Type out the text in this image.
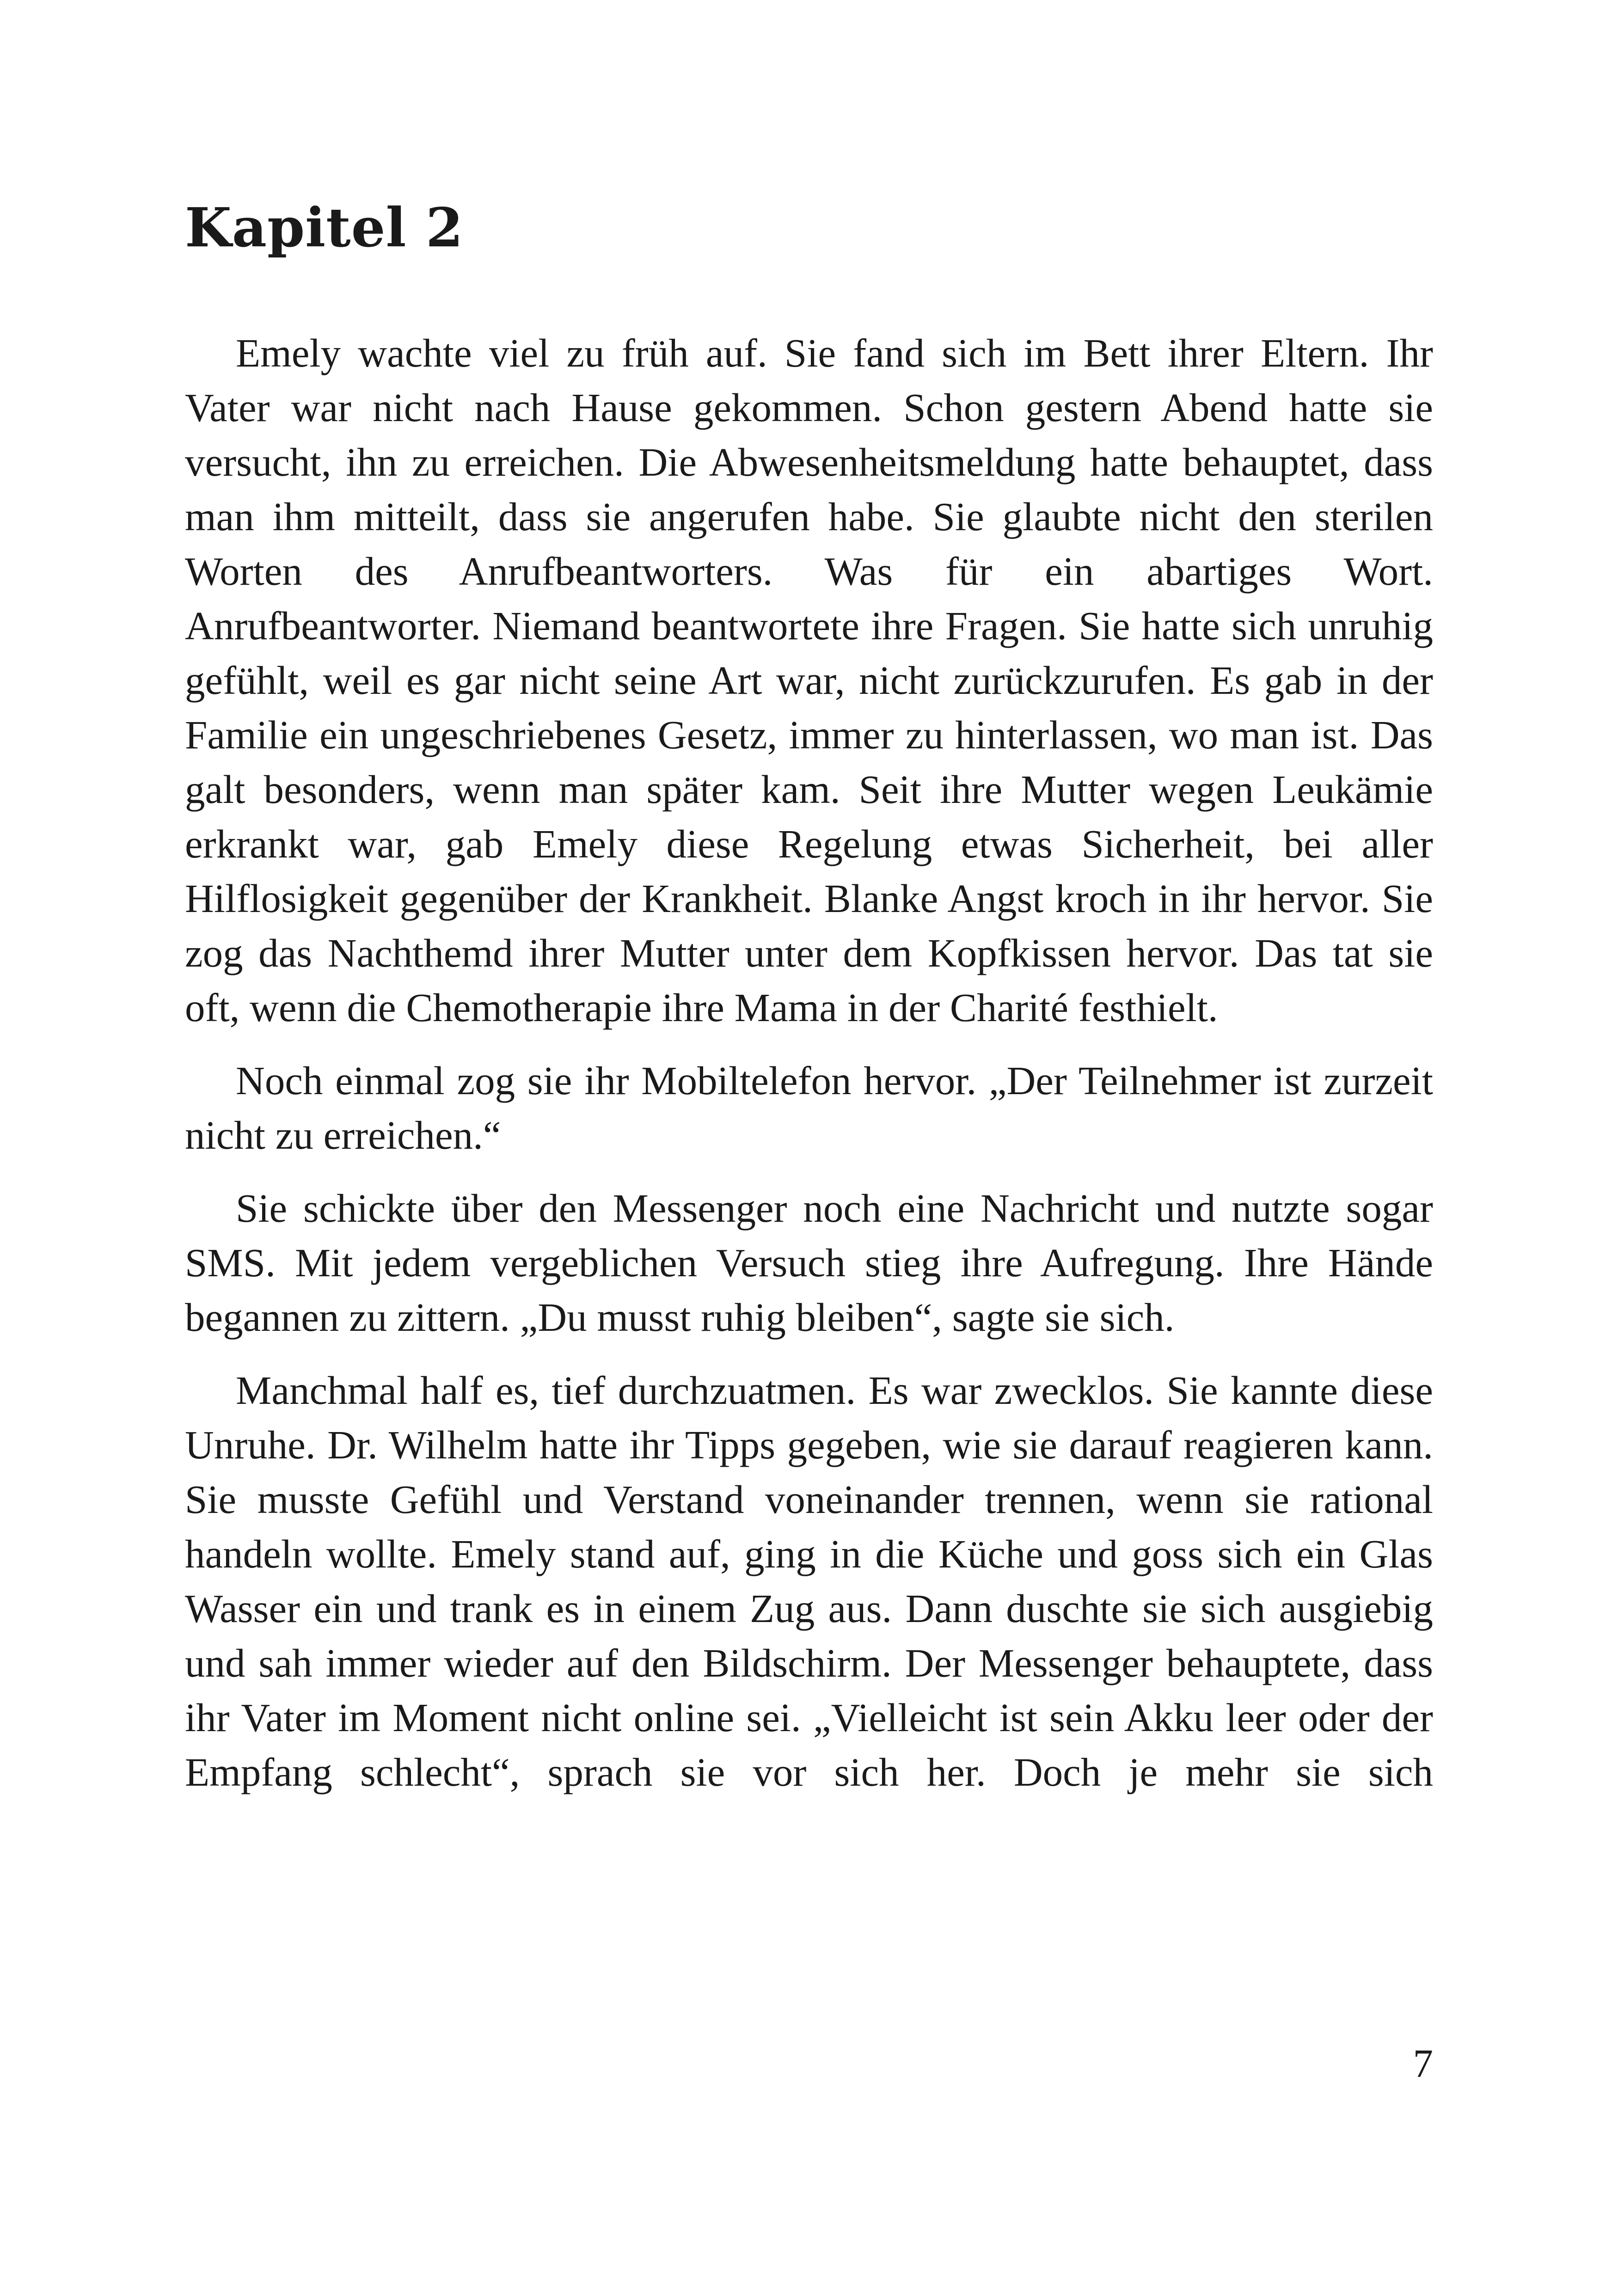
Kapitel 2

Emely wachte viel zu früh auf. Sie fand sich im Bett ihrer Eltern. Ihr Vater war nicht nach Hause gekommen. Schon gestern Abend hatte sie versucht, ihn zu erreichen. Die Abwesenheitsmeldung hatte behauptet, dass man ihm mitteilt, dass sie angerufen habe. Sie glaubte nicht den sterilen Worten des Anrufbeantworters. Was für ein abartiges Wort. Anrufbeantworter. Niemand beantwortete ihre Fragen. Sie hatte sich unruhig gefühlt, weil es gar nicht seine Art war, nicht zurückzurufen. Es gab in der Familie ein ungeschriebenes Gesetz, immer zu hinterlassen, wo man ist. Das galt besonders, wenn man später kam. Seit ihre Mutter wegen Leukämie erkrankt war, gab Emely diese Regelung etwas Sicherheit, bei aller Hilflosigkeit gegenüber der Krankheit. Blanke Angst kroch in ihr hervor. Sie zog das Nachthemd ihrer Mutter unter dem Kopfkissen hervor. Das tat sie oft, wenn die Chemotherapie ihre Mama in der Charité festhielt.

Noch einmal zog sie ihr Mobiltelefon hervor. „Der Teilnehmer ist zurzeit nicht zu erreichen.“

Sie schickte über den Messenger noch eine Nachricht und nutzte sogar SMS. Mit jedem vergeblichen Versuch stieg ihre Aufregung. Ihre Hände begannen zu zittern. „Du musst ruhig bleiben“, sagte sie sich.

Manchmal half es, tief durchzuatmen. Es war zwecklos. Sie kannte diese Unruhe. Dr. Wilhelm hatte ihr Tipps gegeben, wie sie darauf reagieren kann. Sie musste Gefühl und Verstand voneinander trennen, wenn sie rational handeln wollte. Emely stand auf, ging in die Küche und goss sich ein Glas Wasser ein und trank es in einem Zug aus. Dann duschte sie sich ausgiebig und sah immer wieder auf den Bildschirm. Der Messenger behauptete, dass ihr Vater im Moment nicht online sei. „Vielleicht ist sein Akku leer oder der Empfang schlecht“, sprach sie vor sich her. Doch je mehr sie sich

7
